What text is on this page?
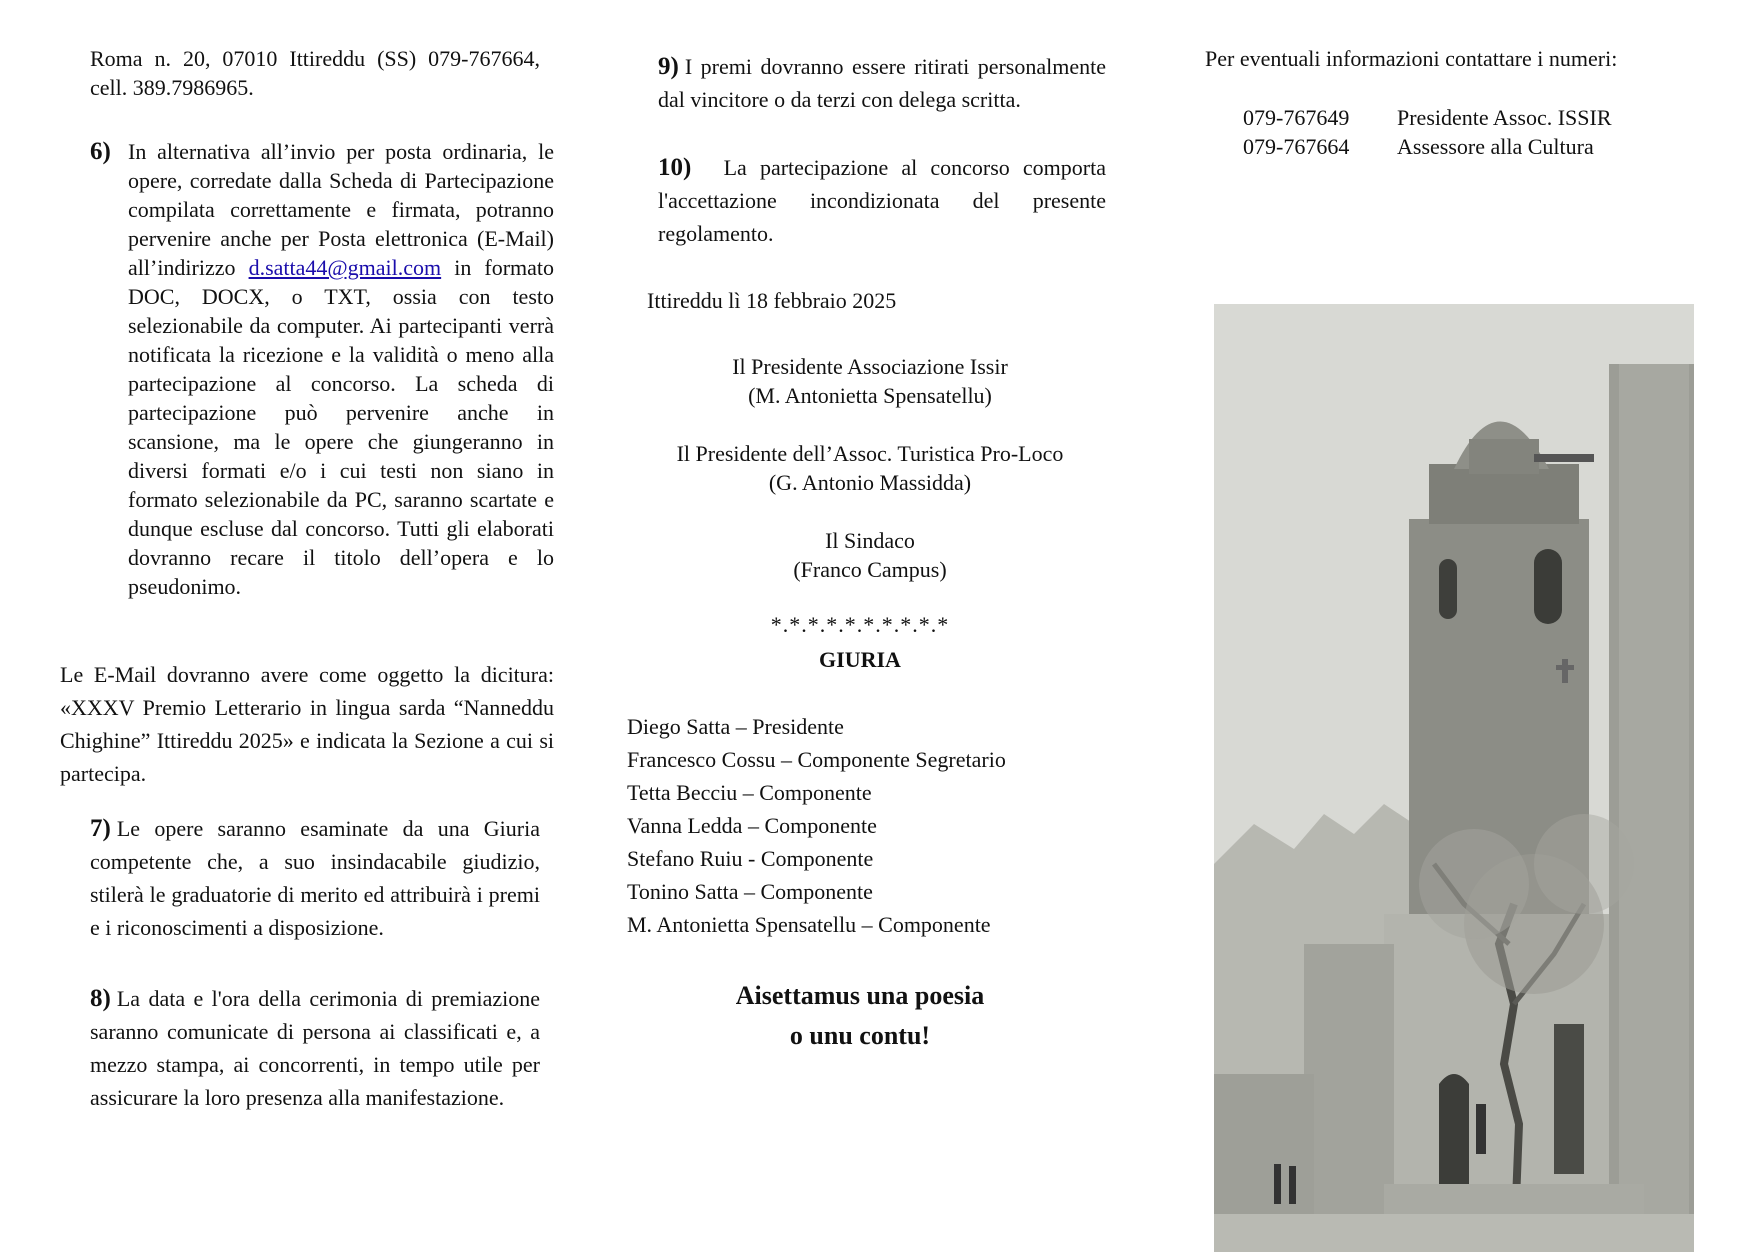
Roma n. 20, 07010 Ittireddu (SS) 079-767664, cell. 389.7986965.
6) In alternativa all’invio per posta ordinaria, le opere, corredate dalla Scheda di Partecipazione compilata correttamente e firmata, potranno pervenire anche per Posta elettronica (E-Mail) all’indirizzo d.satta44@gmail.com in formato DOC, DOCX, o TXT, ossia con testo selezionabile da computer. Ai partecipanti verrà notificata la ricezione e la validità o meno alla partecipazione al concorso. La scheda di partecipazione può pervenire anche in scansione, ma le opere che giungeranno in diversi formati e/o i cui testi non siano in formato selezionabile da PC, saranno scartate e dunque escluse dal concorso. Tutti gli elaborati dovranno recare il titolo dell’opera e lo pseudonimo.
Le E-Mail dovranno avere come oggetto la dicitura: «XXXV Premio Letterario in lingua sarda “Nanneddu Chighine” Ittireddu 2025» e indicata la Sezione a cui si partecipa.
7) Le opere saranno esaminate da una Giuria competente che, a suo insindacabile giudizio, stilerà le graduatorie di merito ed attribuirà i premi e i riconoscimenti a disposizione.
8) La data e l'ora della cerimonia di premiazione saranno comunicate di persona ai classificati e, a mezzo stampa, ai concorrenti, in tempo utile per assicurare la loro presenza alla manifestazione.
9) I premi dovranno essere ritirati personalmente dal vincitore o da terzi con delega scritta.
10) La partecipazione al concorso comporta l'accettazione incondizionata del presente regolamento.
Ittireddu lì 18 febbraio 2025
Il Presidente Associazione Issir
(M. Antonietta Spensatellu)
Il Presidente dell’Assoc. Turistica Pro-Loco
(G. Antonio Massidda)
Il Sindaco
(Franco Campus)
*.*.*.*.*.*.*.*.*.*
GIURIA

Diego Satta – Presidente

Francesco Cossu – Componente Segretario

Tetta Becciu – Componente

Vanna Ledda – Componente

Stefano Ruiu - Componente

Tonino Satta – Componente

M. Antonietta Spensatellu – Componente

Aisettamus una poesia
o unu contu!
Per eventuali informazioni contattare i numeri:
079-767649	Presidente Assoc. ISSIR
079-767664	Assessore alla Cultura
